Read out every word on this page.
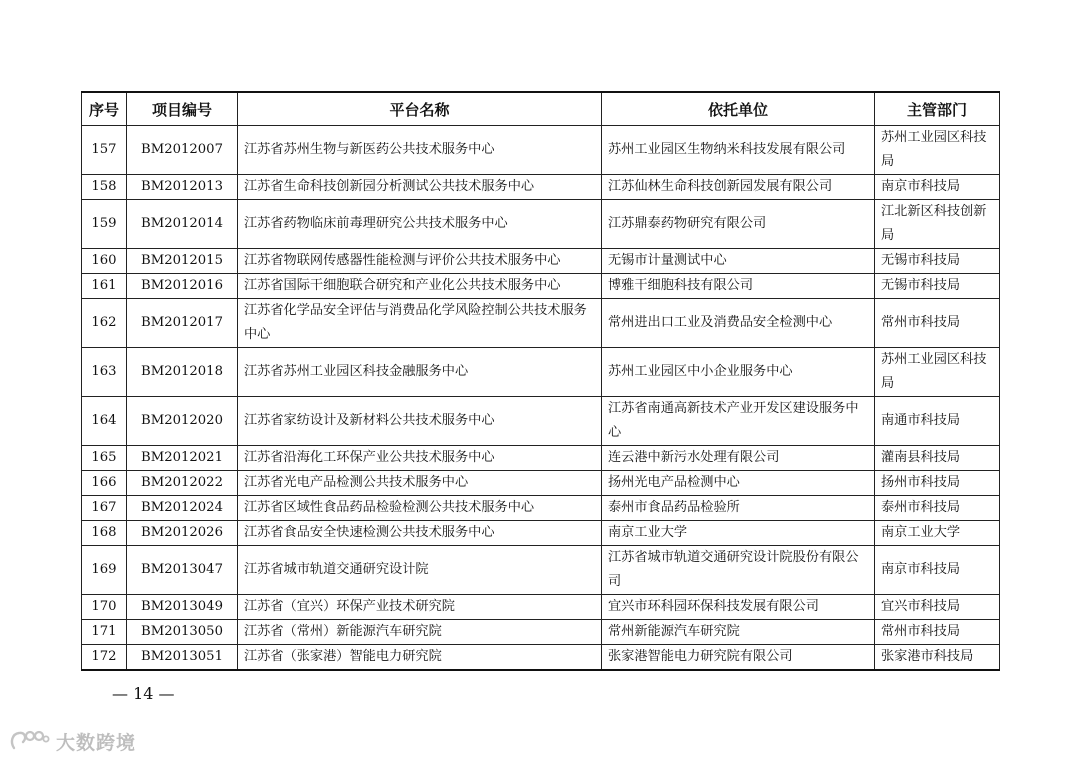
序号	项目编号	平台名称	依托单位	主管部门
157	BM2012007	江苏省苏州生物与新医药公共技术服务中心	苏州工业园区生物纳米科技发展有限公司	苏州工业园区科技局
158	BM2012013	江苏省生命科技创新园分析测试公共技术服务中心	江苏仙林生命科技创新园发展有限公司	南京市科技局
159	BM2012014	江苏省药物临床前毒理研究公共技术服务中心	江苏鼎泰药物研究有限公司	江北新区科技创新局
160	BM2012015	江苏省物联网传感器性能检测与评价公共技术服务中心	无锡市计量测试中心	无锡市科技局
161	BM2012016	江苏省国际干细胞联合研究和产业化公共技术服务中心	博雅干细胞科技有限公司	无锡市科技局
162	BM2012017	江苏省化学品安全评估与消费品化学风险控制公共技术服务中心	常州进出口工业及消费品安全检测中心	常州市科技局
163	BM2012018	江苏省苏州工业园区科技金融服务中心	苏州工业园区中小企业服务中心	苏州工业园区科技局
164	BM2012020	江苏省家纺设计及新材料公共技术服务中心	江苏省南通高新技术产业开发区建设服务中心	南通市科技局
165	BM2012021	江苏省沿海化工环保产业公共技术服务中心	连云港中新污水处理有限公司	灌南县科技局
166	BM2012022	江苏省光电产品检测公共技术服务中心	扬州光电产品检测中心	扬州市科技局
167	BM2012024	江苏省区域性食品药品检验检测公共技术服务中心	泰州市食品药品检验所	泰州市科技局
168	BM2012026	江苏省食品安全快速检测公共技术服务中心	南京工业大学	南京工业大学
169	BM2013047	江苏省城市轨道交通研究设计院	江苏省城市轨道交通研究设计院股份有限公司	南京市科技局
170	BM2013049	江苏省（宜兴）环保产业技术研究院	宜兴市环科园环保科技发展有限公司	宜兴市科技局
171	BM2013050	江苏省（常州）新能源汽车研究院	常州新能源汽车研究院	常州市科技局
172	BM2013051	江苏省（张家港）智能电力研究院	张家港智能电力研究院有限公司	张家港市科技局
— 14 —
大数跨境
